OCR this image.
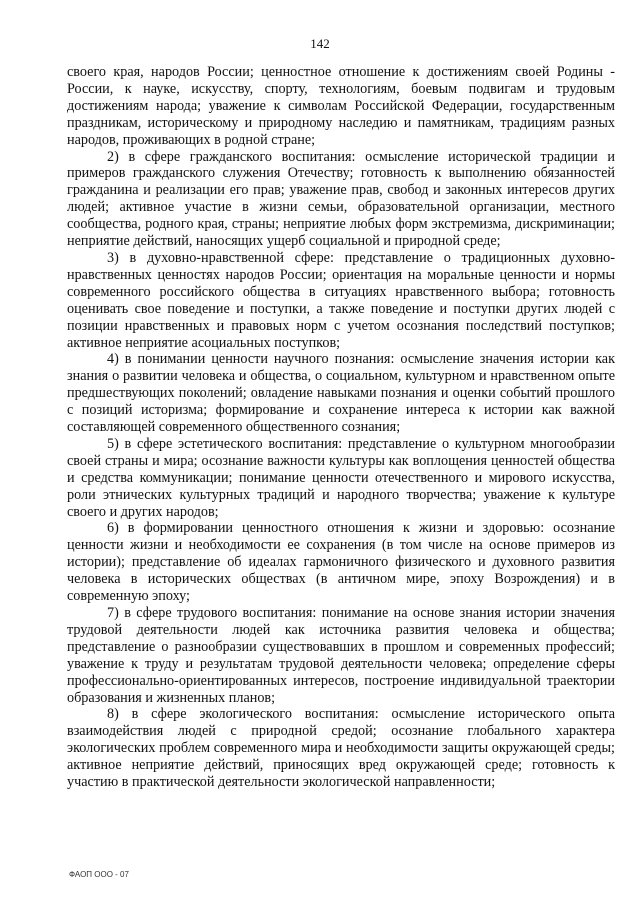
142

своего края, народов России; ценностное отношение к достижениям своей Родины - России, к науке, искусству, спорту, технологиям, боевым подвигам и трудовым достижениям народа; уважение к символам Российской Федерации, государственным праздникам, историческому и природному наследию и памятникам, традициям разных народов, проживающих в родной стране;

2) в сфере гражданского воспитания: осмысление исторической традиции и примеров гражданского служения Отечеству; готовность к выполнению обязанностей гражданина и реализации его прав; уважение прав, свобод и законных интересов других людей; активное участие в жизни семьи, образовательной организации, местного сообщества, родного края, страны; неприятие любых форм экстремизма, дискриминации; неприятие действий, наносящих ущерб социальной и природной среде;

3) в духовно-нравственной сфере: представление о традиционных духовно-нравственных ценностях народов России; ориентация на моральные ценности и нормы современного российского общества в ситуациях нравственного выбора; готовность оценивать свое поведение и поступки, а также поведение и поступки других людей с позиции нравственных и правовых норм с учетом осознания последствий поступков; активное неприятие асоциальных поступков;

4) в понимании ценности научного познания: осмысление значения истории как знания о развитии человека и общества, о социальном, культурном и нравственном опыте предшествующих поколений; овладение навыками познания и оценки событий прошлого с позиций историзма; формирование и сохранение интереса к истории как важной составляющей современного общественного сознания;

5) в сфере эстетического воспитания: представление о культурном многообразии своей страны и мира; осознание важности культуры как воплощения ценностей общества и средства коммуникации; понимание ценности отечественного и мирового искусства, роли этнических культурных традиций и народного творчества; уважение к культуре своего и других народов;

6) в формировании ценностного отношения к жизни и здоровью: осознание ценности жизни и необходимости ее сохранения (в том числе на основе примеров из истории); представление об идеалах гармоничного физического и духовного развития человека в исторических обществах (в античном мире, эпоху Возрождения) и в современную эпоху;

7) в сфере трудового воспитания: понимание на основе знания истории значения трудовой деятельности людей как источника развития человека и общества; представление о разнообразии существовавших в прошлом и современных профессий; уважение к труду и результатам трудовой деятельности человека; определение сферы профессионально-ориентированных интересов, построение индивидуальной траектории образования и жизненных планов;

8) в сфере экологического воспитания: осмысление исторического опыта взаимодействия людей с природной средой; осознание глобального характера экологических проблем современного мира и необходимости защиты окружающей среды; активное неприятие действий, приносящих вред окружающей среде; готовность к участию в практической деятельности экологической направленности;

ФАОП ООО - 07
